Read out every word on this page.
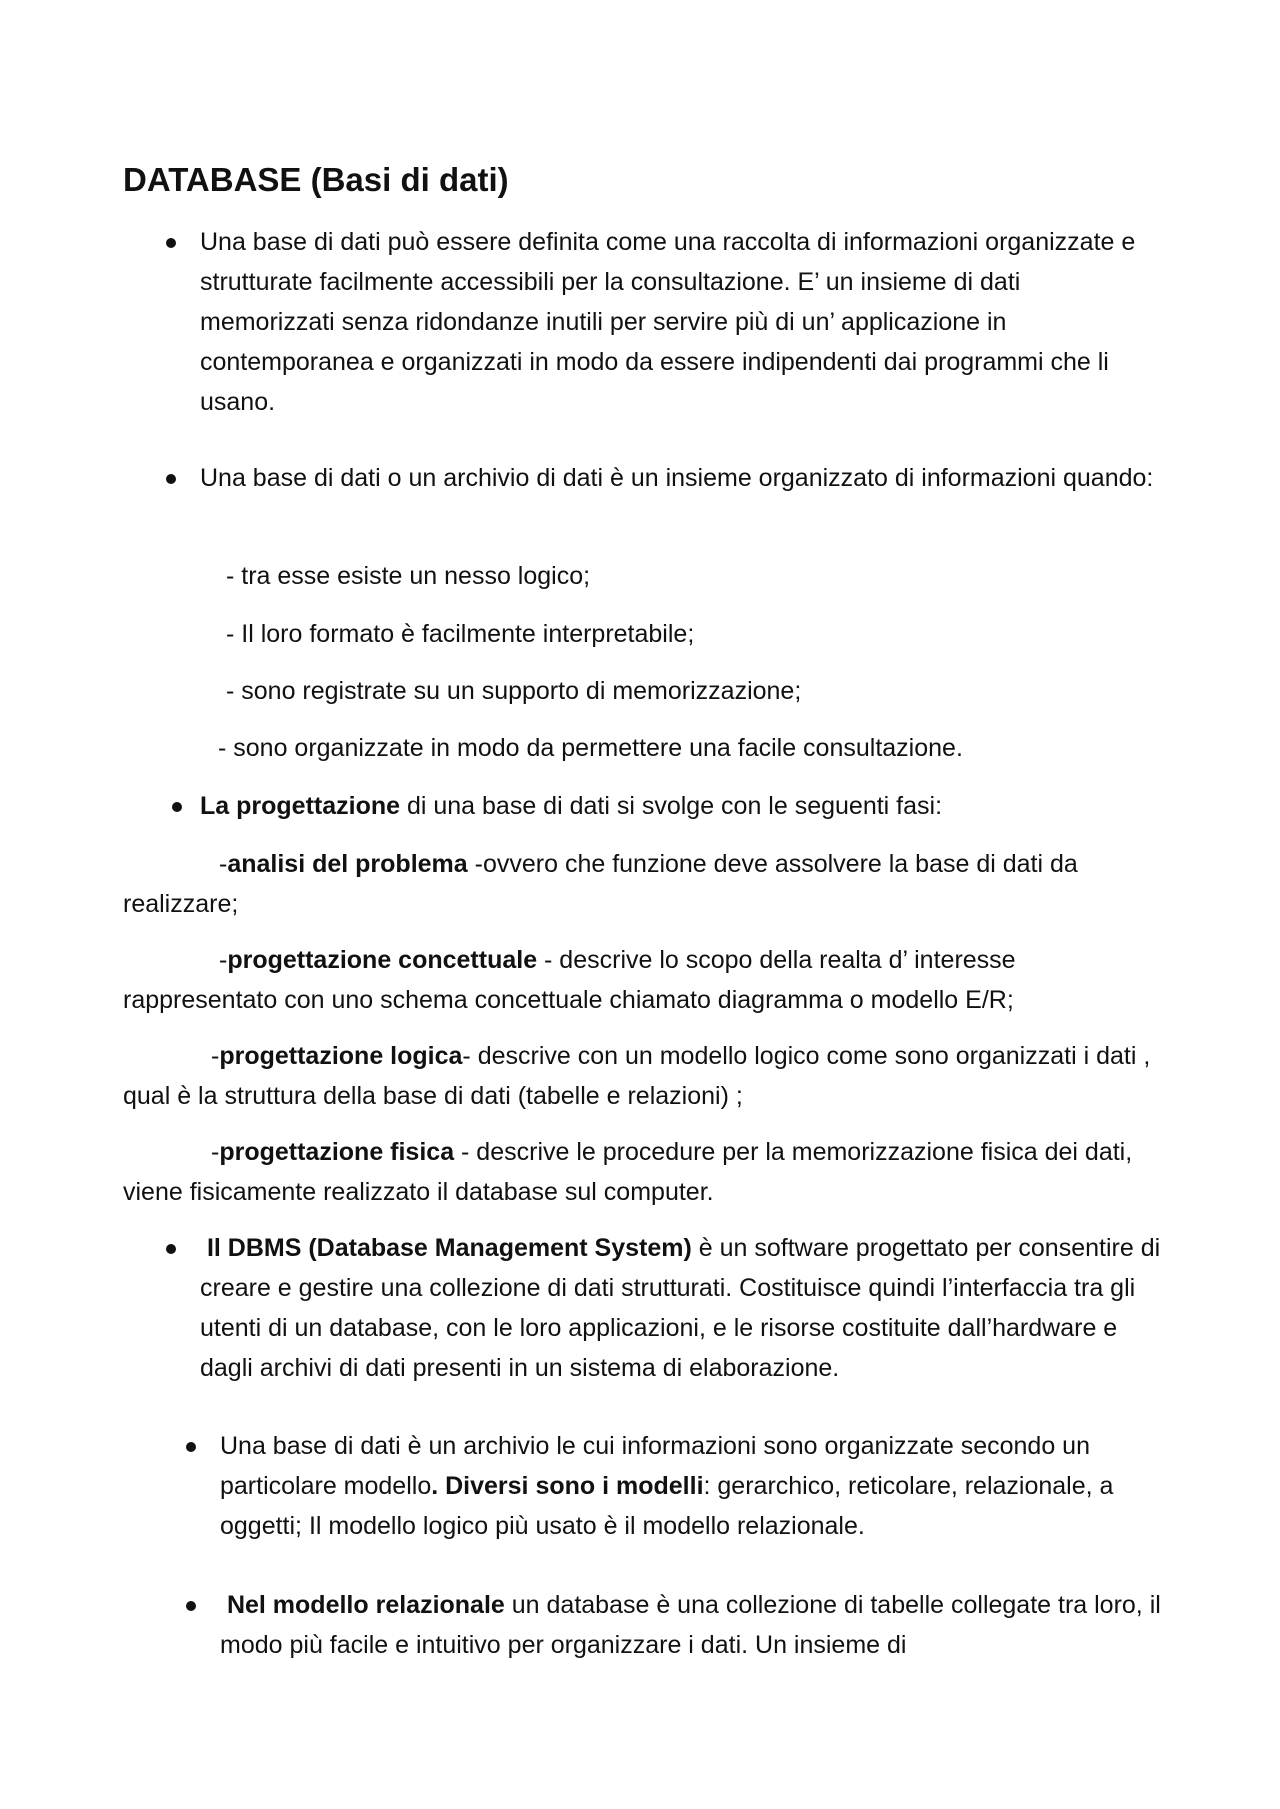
DATABASE (Basi di dati)

Una base di dati può essere definita come una raccolta di informazioni organizzate e strutturate facilmente accessibili per la consultazione. E’ un insieme di dati memorizzati senza ridondanze inutili per servire più di un’ applicazione in contemporanea e organizzati in modo da essere indipendenti dai programmi che li usano.

Una base di dati o un archivio di dati è un insieme organizzato di informazioni quando:

- tra esse esiste un nesso logico;

- Il loro formato è facilmente interpretabile;

- sono registrate su un supporto di memorizzazione;

- sono organizzate in modo da permettere una facile consultazione.

La progettazione di una base di dati si svolge con le seguenti fasi:

-analisi del problema -ovvero che funzione deve assolvere la base di dati da realizzare;

-progettazione concettuale - descrive lo scopo della realta d’ interesse rappresentato con uno schema concettuale chiamato diagramma o modello E/R;

-progettazione logica- descrive con un modello logico come sono organizzati i dati , qual è la struttura della base di dati (tabelle e relazioni) ;

-progettazione fisica - descrive le procedure per la memorizzazione fisica dei dati, viene fisicamente realizzato il database sul computer.

Il DBMS (Database Management System) è un software progettato per consentire di creare e gestire una collezione di dati strutturati. Costituisce quindi l’interfaccia tra gli utenti di un database, con le loro applicazioni, e le risorse costituite dall’hardware e dagli archivi di dati presenti in un sistema di elaborazione.

Una base di dati è un archivio le cui informazioni sono organizzate secondo un particolare modello. Diversi sono i modelli: gerarchico, reticolare, relazionale, a oggetti; Il modello logico più usato è il modello relazionale.

Nel modello relazionale un database è una collezione di tabelle collegate tra loro, il modo più facile e intuitivo per organizzare i dati. Un insieme di
